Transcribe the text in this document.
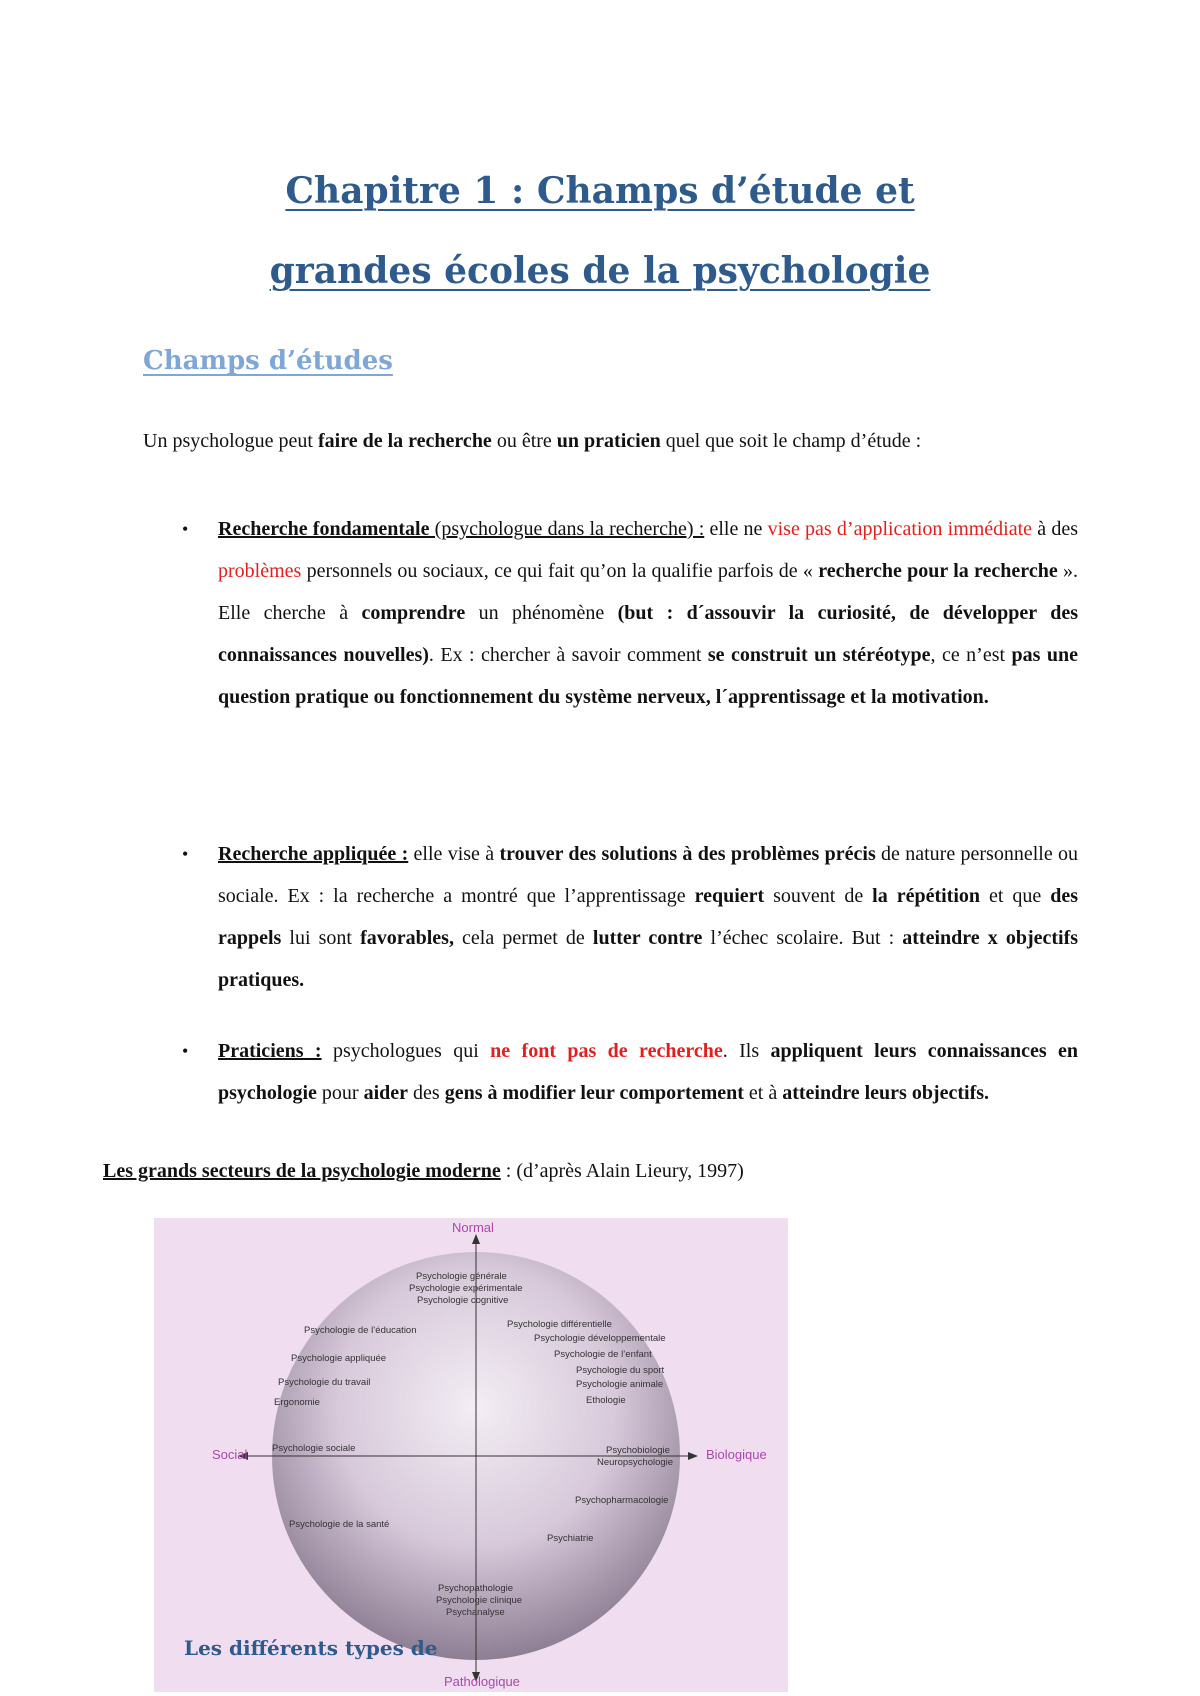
Chapitre 1 : Champs d’étude et
grandes écoles de la psychologie
Champs d’études

Un psychologue peut faire de la recherche ou être un praticien quel que soit le champ d’étude :

• Recherche fondamentale (psychologue dans la recherche) : elle ne vise pas d’application immédiate à des problèmes personnels ou sociaux, ce qui fait qu’on la qualifie parfois de « recherche pour la recherche ». Elle cherche à comprendre un phénomène (but : d´assouvir la curiosité, de développer des connaissances nouvelles). Ex : chercher à savoir comment se construit un stéréotype, ce n’est pas une question pratique ou fonctionnement du système nerveux, l´apprentissage et la motivation.
• Recherche appliquée : elle vise à trouver des solutions à des problèmes précis de nature personnelle ou sociale. Ex : la recherche a montré que l’apprentissage requiert souvent de la répétition et que des rappels lui sont favorables, cela permet de lutter contre l’échec scolaire. But : atteindre x objectifs pratiques.
• Praticiens : psychologues qui ne font pas de recherche. Ils appliquent leurs connaissances en psychologie pour aider des gens à modifier leur comportement et à atteindre leurs objectifs.

Les grands secteurs de la psychologie moderne : (d’après Alain Lieury, 1997)

Normal
Pathologique
Social	Biologique
Psychologie générale
Psychologie expérimentale
Psychologie cognitive
Psychologie de l’éducation
Psychologie appliquée
Psychologie du travail
Ergonomie
Psychologie sociale
Psychologie de la santé
Psychologie différentielle
Psychologie développementale
Psychologie de l’enfant
Psychologie du sport
Psychologie animale
Ethologie
Psychobiologie
Neuropsychologie
Psychopharmacologie
Psychiatrie
Psychopathologie
Psychologie clinique
Psychanalyse
Les différents types de
